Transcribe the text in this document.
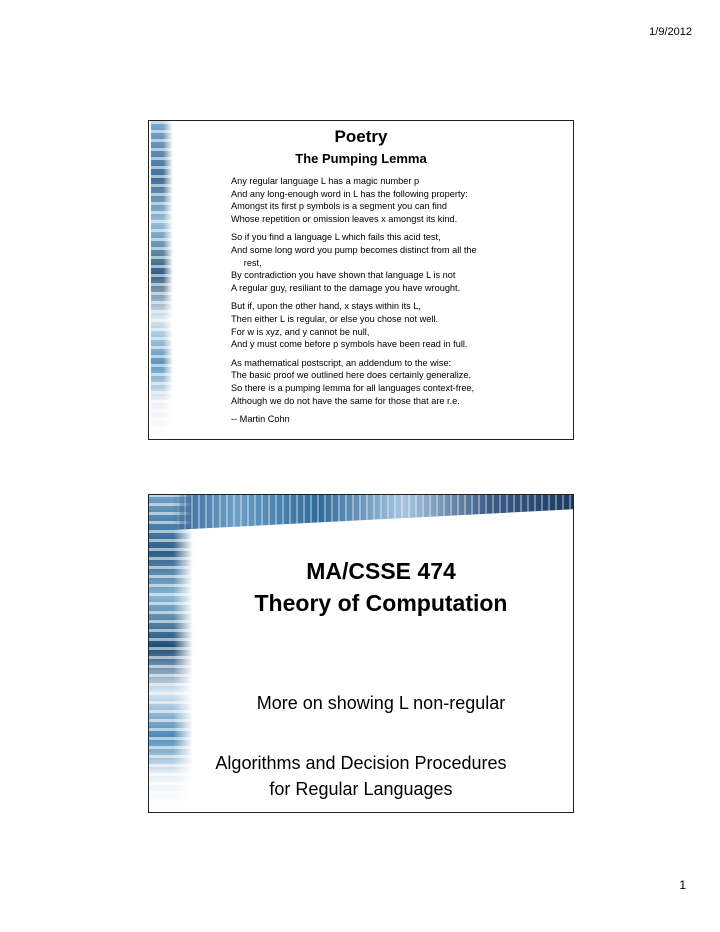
1/9/2012
Poetry
The Pumping Lemma
Any regular language L has a magic number p
And any long-enough word in L has the following property:
Amongst its first p symbols is a segment you can find
Whose repetition or omission leaves x amongst its kind.
So if you find a language L which fails this acid test,
And some long word you pump becomes distinct from all the
rest,
By contradiction you have shown that language L is not
A regular guy, resiliant to the damage you have wrought.
But if, upon the other hand, x stays within its L,
Then either L is regular, or else you chose not well.
For w is xyz, and y cannot be null,
And y must come before p symbols have been read in full.
As mathematical postscript, an addendum to the wise:
The basic proof we outlined here does certainly generalize.
So there is a pumping lemma for all languages context-free,
Although we do not have the same for those that are r.e.
-- Martin Cohn
MA/CSSE 474
Theory of Computation
More on showing L non-regular
Algorithms and Decision Procedures
for Regular Languages
1
